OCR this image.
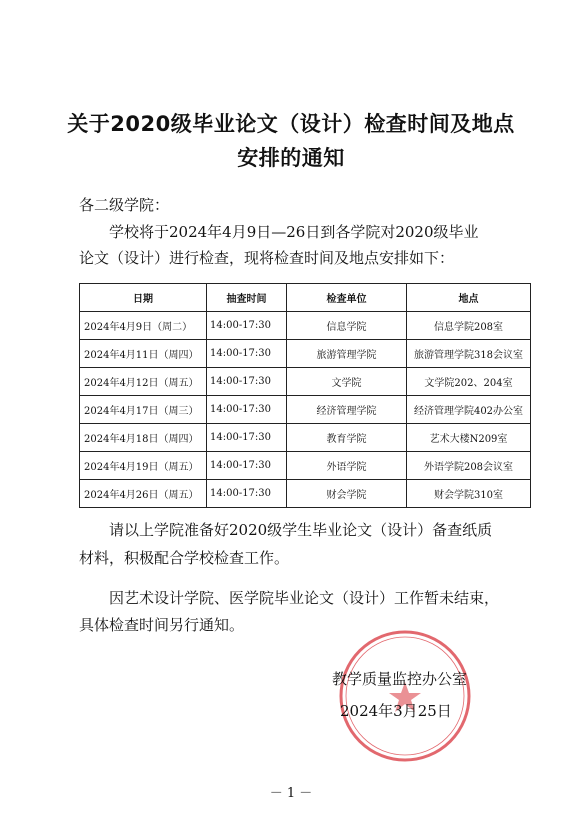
关于2020级毕业论文（设计）检查时间及地点
安排的通知
各二级学院：
学校将于2024年4月9日—26日到各学院对2020级毕业
论文（设计）进行检查，现将检查时间及地点安排如下：
日期	抽查时间	检查单位	地点
2024年4月9日（周二）	14:00-17:30	信息学院	信息学院208室
2024年4月11日（周四）	14:00-17:30	旅游管理学院	旅游管理学院318会议室
2024年4月12日（周五）	14:00-17:30	文学院	文学院202、204室
2024年4月17日（周三）	14:00-17:30	经济管理学院	经济管理学院402办公室
2024年4月18日（周四）	14:00-17:30	教育学院	艺术大楼N209室
2024年4月19日（周五）	14:00-17:30	外语学院	外语学院208会议室
2024年4月26日（周五）	14:00-17:30	财会学院	财会学院310室
请以上学院准备好2020级学生毕业论文（设计）备查纸质
材料，积极配合学校检查工作。
因艺术设计学院、医学院毕业论文（设计）工作暂未结束，
具体检查时间另行通知。
教学质量监控办公室
2024年3月25日
－ 1 －
